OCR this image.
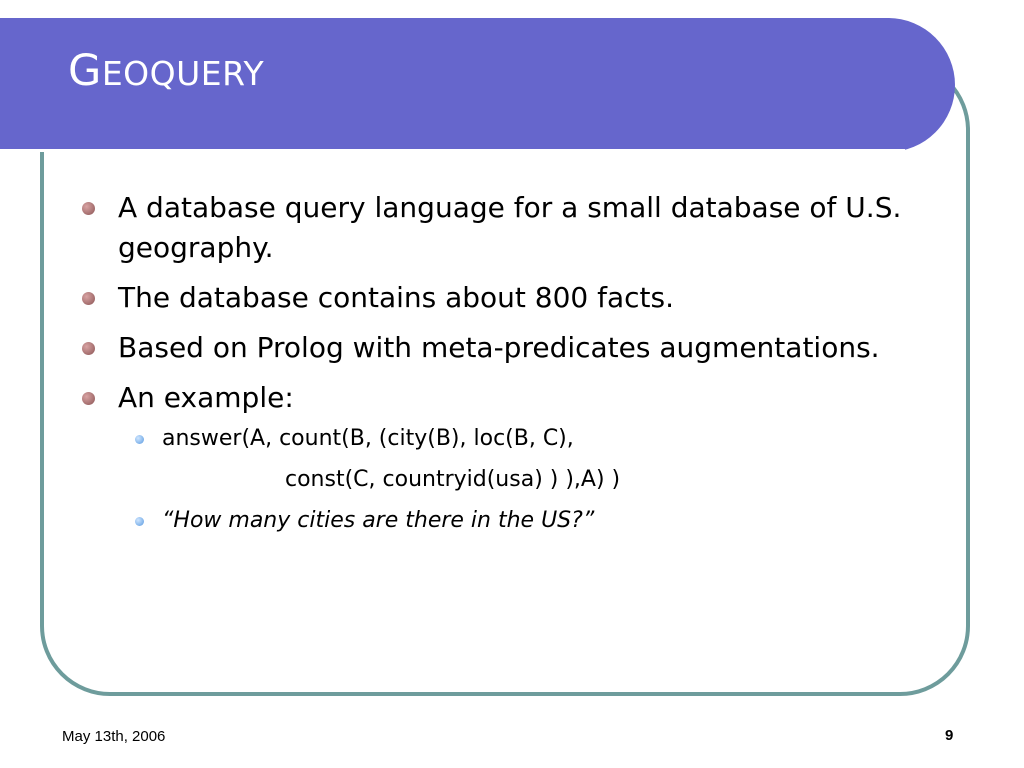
GEOQUERY
A database query language for a small database of U.S. geography.
The database contains about 800 facts.
Based on Prolog with meta-predicates augmentations.
An example:
answer(A, count(B, (city(B), loc(B, C),
const(C, countryid(usa) ) ),A) )
“How many cities are there in the US?”
May 13th, 2006	9
